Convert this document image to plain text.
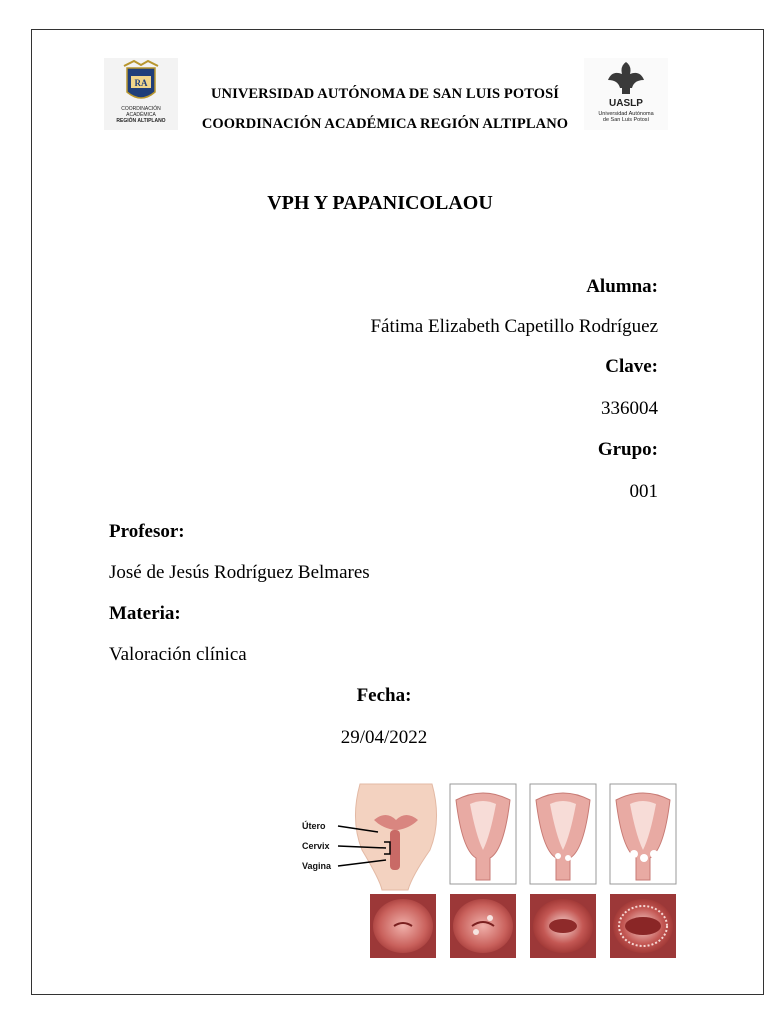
RA
COORDINACIÓN
ACADÉMICA
REGIÓN ALTIPLANO
UASLP
Universidad Autónoma
de San Luis Potosí
UNIVERSIDAD AUTÓNOMA DE SAN LUIS POTOSÍ
COORDINACIÓN ACADÉMICA REGIÓN ALTIPLANO
VPH Y PAPANICOLAOU
Alumna:
Fátima Elizabeth Capetillo Rodríguez
Clave:
336004
Grupo:
001
Profesor:
José de Jesús Rodríguez Belmares
Materia:
Valoración clínica
Fecha:
29/04/2022
Útero
Cervix
Vagina
